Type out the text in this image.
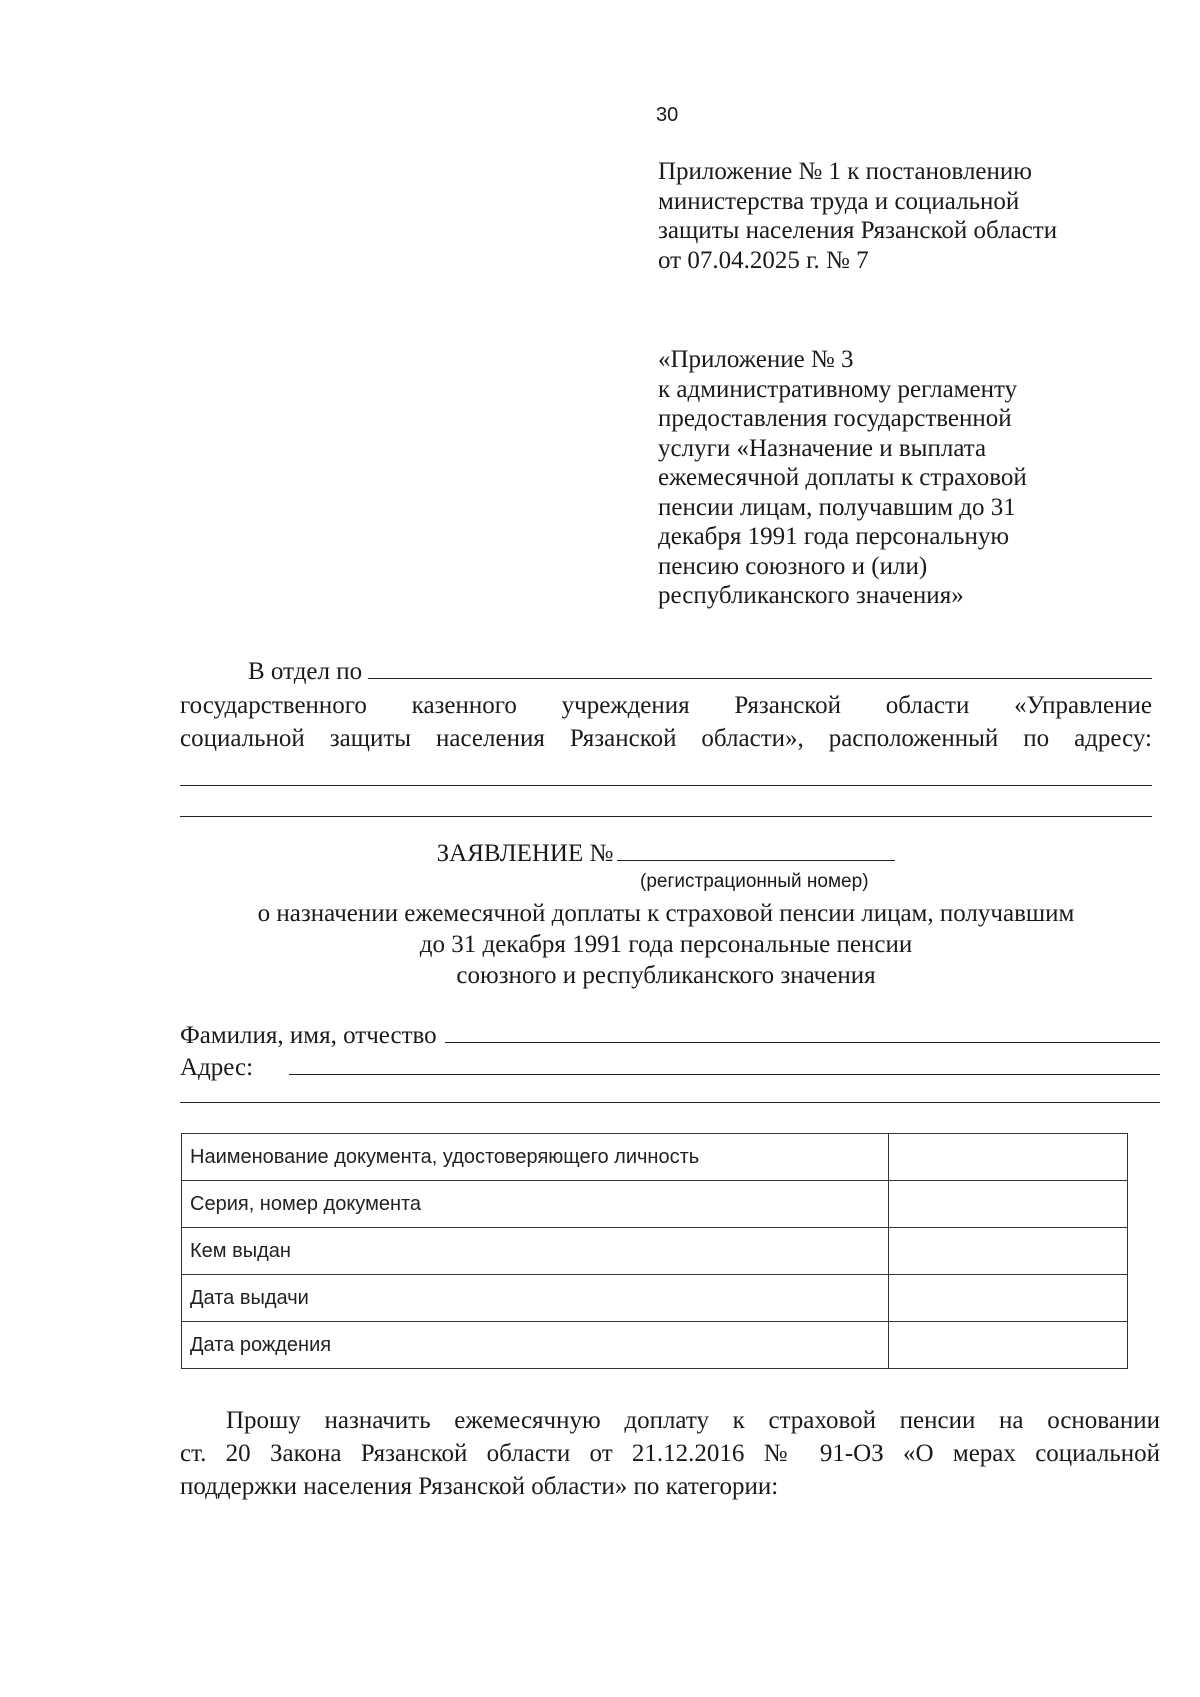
30
Приложение № 1 к постановлению
министерства труда и социальной
защиты населения Рязанской области
от 07.04.2025 г. № 7
«Приложение № 3
к административному регламенту
предоставления государственной
услуги «Назначение и выплата
ежемесячной доплаты к страховой
пенсии лицам, получавшим до 31
декабря 1991 года персональную
пенсию союзного и (или)
республиканского значения»
В отдел по
государственного казенного учреждения Рязанской области «Управление
социальной защиты населения Рязанской области», расположенный по адресу:
ЗАЯВЛЕНИЕ №
(регистрационный номер)
о назначении ежемесячной доплаты к страховой пенсии лицам, получавшим
до 31 декабря 1991 года персональные пенсии
союзного и республиканского значения
Фамилия, имя, отчество
Адрес:
Наименование документа, удостоверяющего личность	
Серия, номер документа	
Кем выдан	
Дата выдачи	
Дата рождения	
Прошу назначить ежемесячную доплату к страховой пенсии на основании
ст. 20 Закона Рязанской области от 21.12.2016 № 91-ОЗ «О мерах социальной
поддержки населения Рязанской области» по категории:
